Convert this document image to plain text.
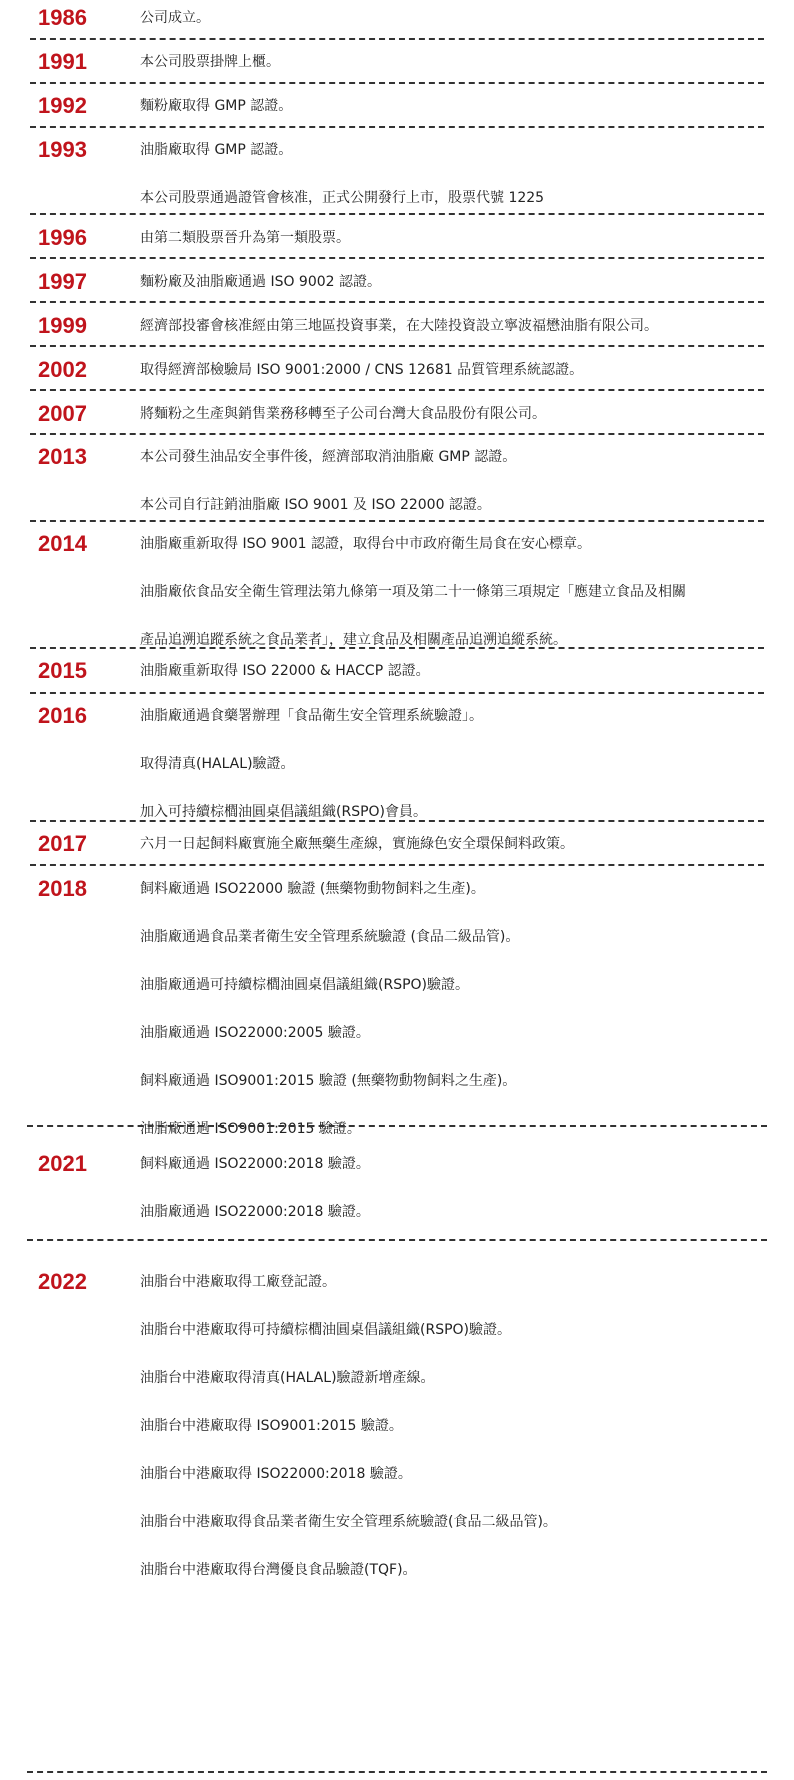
1986	公司成立。
1991	本公司股票掛牌上櫃。
1992	麵粉廠取得 GMP 認證。
1993	油脂廠取得 GMP 認證。
本公司股票通過證管會核准，正式公開發行上市，股票代號 1225
1996	由第二類股票晉升為第一類股票。
1997	麵粉廠及油脂廠通過 ISO 9002 認證。
1999	經濟部投審會核准經由第三地區投資事業，在大陸投資設立寧波福懋油脂有限公司。
2002	取得經濟部檢驗局 ISO 9001:2000 / CNS 12681 品質管理系統認證。
2007	將麵粉之生產與銷售業務移轉至子公司台灣大食品股份有限公司。
2013	本公司發生油品安全事件後，經濟部取消油脂廠 GMP 認證。
本公司自行註銷油脂廠 ISO 9001 及 ISO 22000 認證。
2014	油脂廠重新取得 ISO 9001 認證，取得台中市政府衛生局食在安心標章。
油脂廠依食品安全衛生管理法第九條第一項及第二十一條第三項規定「應建立食品及相關
產品追溯追蹤系統之食品業者」，建立食品及相關產品追溯追縱系統。
2015	油脂廠重新取得 ISO 22000 & HACCP 認證。
2016	油脂廠通過食藥署辦理「食品衛生安全管理系統驗證」。
取得清真(HALAL)驗證。
加入可持續棕櫚油圓桌倡議組織(RSPO)會員。
2017	六月一日起飼料廠實施全廠無藥生產線，實施綠色安全環保飼料政策。
2018	飼料廠通過 ISO22000 驗證 (無藥物動物飼料之生產)。
油脂廠通過食品業者衛生安全管理系統驗證 (食品二級品管)。
油脂廠通過可持續棕櫚油圓桌倡議組織(RSPO)驗證。
油脂廠通過 ISO22000:2005 驗證。
飼料廠通過 ISO9001:2015 驗證 (無藥物動物飼料之生產)。
油脂廠通過 ISO9001:2015 驗證。
2021	飼料廠通過 ISO22000:2018 驗證。
油脂廠通過 ISO22000:2018 驗證。
2022	油脂台中港廠取得工廠登記證。
油脂台中港廠取得可持續棕櫚油圓桌倡議組織(RSPO)驗證。
油脂台中港廠取得清真(HALAL)驗證新增產線。
油脂台中港廠取得 ISO9001:2015 驗證。
油脂台中港廠取得 ISO22000:2018 驗證。
油脂台中港廠取得食品業者衛生安全管理系統驗證(食品二級品管)。
油脂台中港廠取得台灣優良食品驗證(TQF)。
